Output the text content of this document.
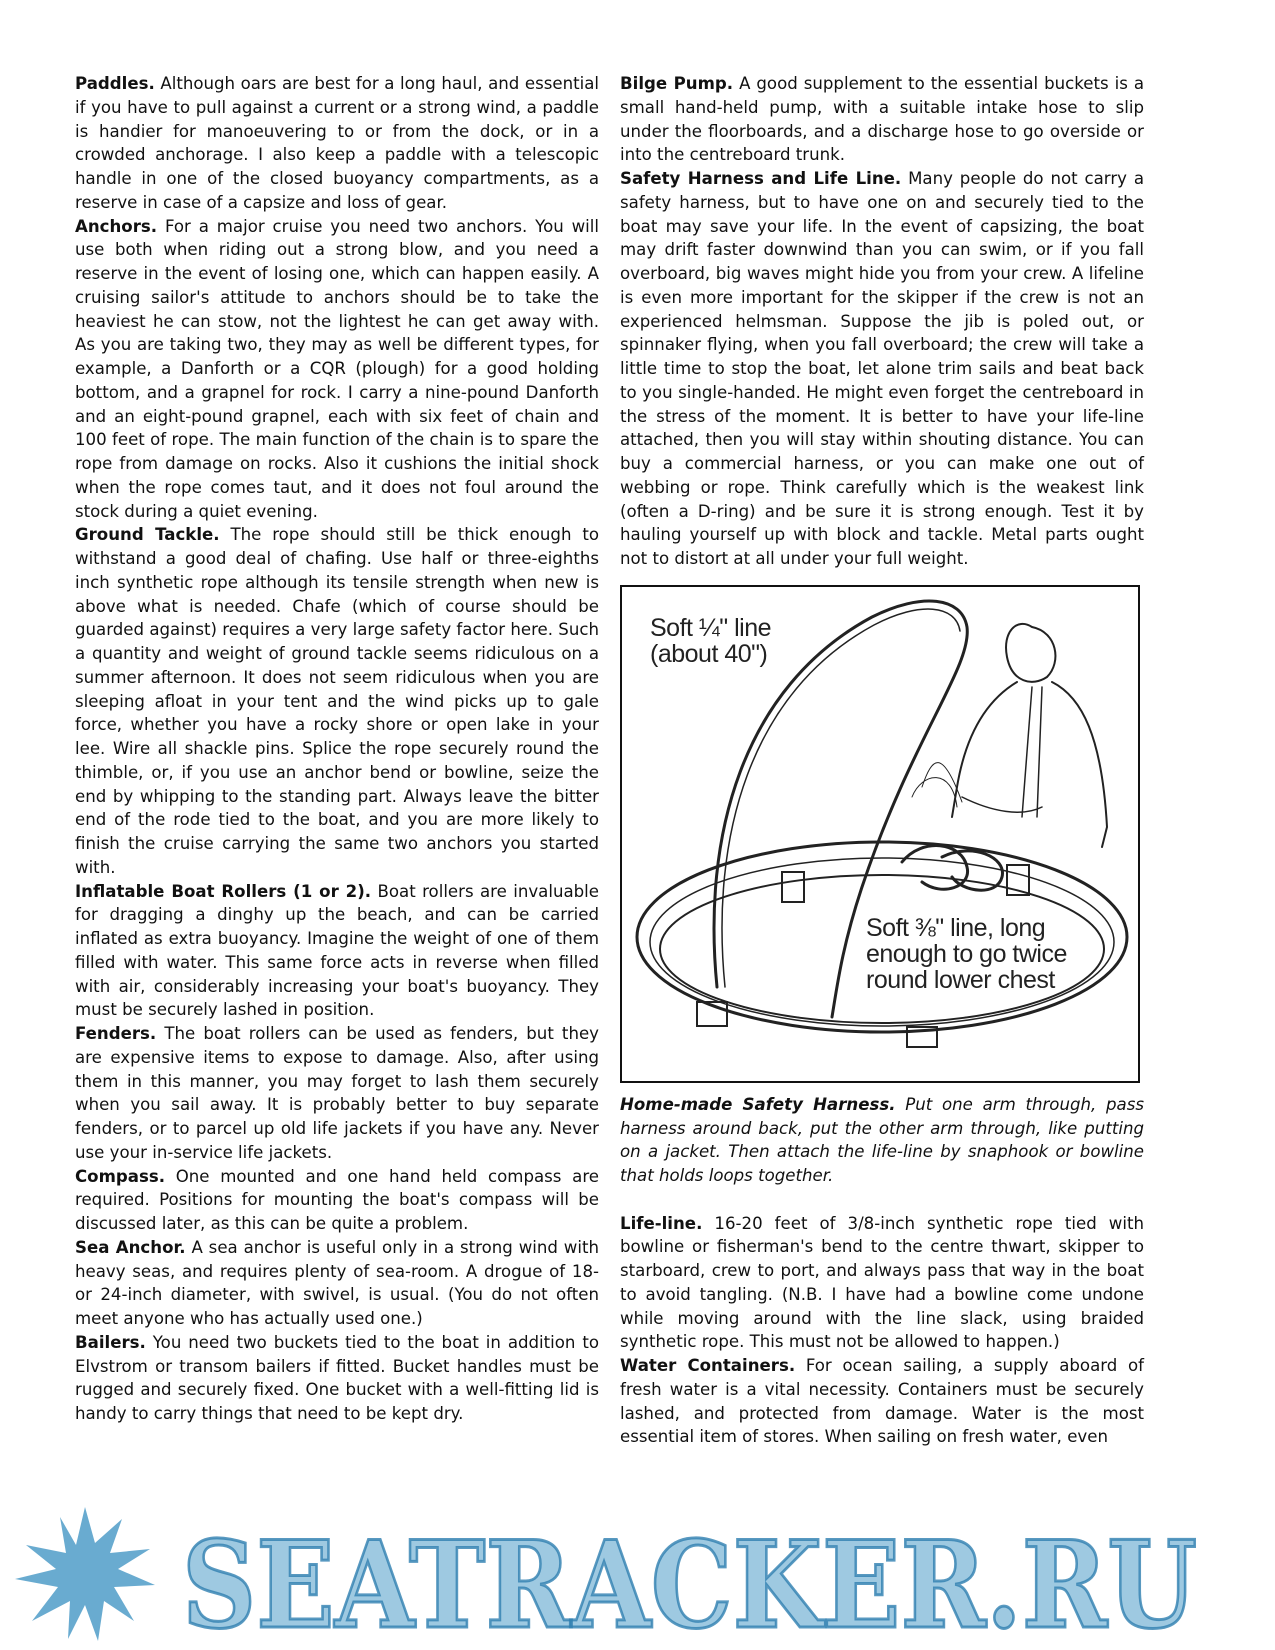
Paddles. Although oars are best for a long haul, and essential if you have to pull against a current or a strong wind, a paddle is handier for manoeuvering to or from the dock, or in a crowded anchorage. I also keep a paddle with a telescopic handle in one of the closed buoyancy compartments, as a reserve in case of a capsize and loss of gear.

Anchors. For a major cruise you need two anchors. You will use both when riding out a strong blow, and you need a reserve in the event of losing one, which can happen easily. A cruising sailor's attitude to anchors should be to take the heaviest he can stow, not the lightest he can get away with. As you are taking two, they may as well be different types, for example, a Danforth or a CQR (plough) for a good holding bottom, and a grapnel for rock. I carry a nine-pound Danforth and an eight-pound grapnel, each with six feet of chain and 100 feet of rope. The main function of the chain is to spare the rope from damage on rocks. Also it cushions the initial shock when the rope comes taut, and it does not foul around the stock during a quiet evening.

Ground Tackle. The rope should still be thick enough to withstand a good deal of chafing. Use half or three-eighths inch synthetic rope although its tensile strength when new is above what is needed. Chafe (which of course should be guarded against) requires a very large safety factor here. Such a quantity and weight of ground tackle seems ridiculous on a summer afternoon. It does not seem ridiculous when you are sleeping afloat in your tent and the wind picks up to gale force, whether you have a rocky shore or open lake in your lee. Wire all shackle pins. Splice the rope securely round the thimble, or, if you use an anchor bend or bowline, seize the end by whipping to the standing part. Always leave the bitter end of the rode tied to the boat, and you are more likely to finish the cruise carrying the same two anchors you started with.

Inflatable Boat Rollers (1 or 2). Boat rollers are invaluable for dragging a dinghy up the beach, and can be carried inflated as extra buoyancy. Imagine the weight of one of them filled with water. This same force acts in reverse when filled with air, considerably increasing your boat's buoyancy. They must be securely lashed in position.

Fenders. The boat rollers can be used as fenders, but they are expensive items to expose to damage. Also, after using them in this manner, you may forget to lash them securely when you sail away. It is probably better to buy separate fenders, or to parcel up old life jackets if you have any. Never use your in-service life jackets.

Compass. One mounted and one hand held compass are required. Positions for mounting the boat's compass will be discussed later, as this can be quite a problem.

Sea Anchor. A sea anchor is useful only in a strong wind with heavy seas, and requires plenty of sea-room. A drogue of 18- or 24-inch diameter, with swivel, is usual. (You do not often meet anyone who has actually used one.)

Bailers. You need two buckets tied to the boat in addition to Elvstrom or transom bailers if fitted. Bucket handles must be rugged and securely fixed. One bucket with a well-fitting lid is handy to carry things that need to be kept dry.

Bilge Pump. A good supplement to the essential buckets is a small hand-held pump, with a suitable intake hose to slip under the floorboards, and a discharge hose to go overside or into the centreboard trunk.

Safety Harness and Life Line. Many people do not carry a safety harness, but to have one on and securely tied to the boat may save your life. In the event of capsizing, the boat may drift faster downwind than you can swim, or if you fall overboard, big waves might hide you from your crew. A lifeline is even more important for the skipper if the crew is not an experienced helmsman. Suppose the jib is poled out, or spinnaker flying, when you fall overboard; the crew will take a little time to stop the boat, let alone trim sails and beat back to you single-handed. He might even forget the centreboard in the stress of the moment. It is better to have your life-line attached, then you will stay within shouting distance. You can buy a commercial harness, or you can make one out of webbing or rope. Think carefully which is the weakest link (often a D-ring) and be sure it is strong enough. Test it by hauling yourself up with block and tackle. Metal parts ought not to distort at all under your full weight.

Soft ¼" line
(about 40")
Soft ⅜" line, long
enough to go twice
round lower chest

Home-made Safety Harness. Put one arm through, pass harness around back, put the other arm through, like putting on a jacket. Then attach the life-line by snaphook or bowline that holds loops together.

Life-line. 16-20 feet of 3/8-inch synthetic rope tied with bowline or fisherman's bend to the centre thwart, skipper to starboard, crew to port, and always pass that way in the boat to avoid tangling. (N.B. I have had a bowline come undone while moving around with the line slack, using braided synthetic rope. This must not be allowed to happen.)

Water Containers. For ocean sailing, a supply aboard of fresh water is a vital necessity. Containers must be securely lashed, and protected from damage. Water is the most essential item of stores. When sailing on fresh water, even

SEATRACKER.RU
